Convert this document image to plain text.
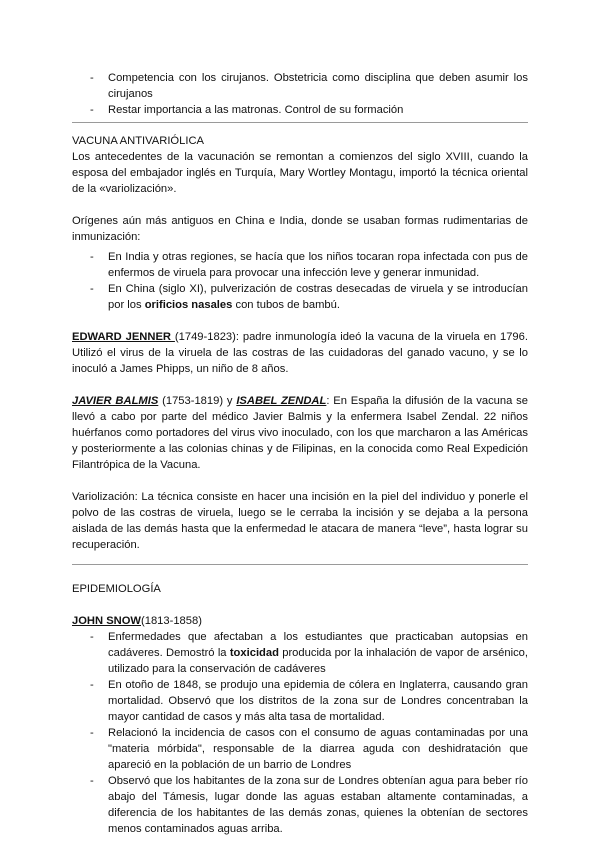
- Competencia con los cirujanos. Obstetricia como disciplina que deben asumir los cirujanos
- Restar importancia a las matronas. Control de su formación

VACUNA ANTIVARIÓLICA

Los antecedentes de la vacunación se remontan a comienzos del siglo XVIII, cuando la esposa del embajador inglés en Turquía, Mary Wortley Montagu, importó la técnica oriental de la «variolización».

Orígenes aún más antiguos en China e India, donde se usaban formas rudimentarias de inmunización:

- En India y otras regiones, se hacía que los niños tocaran ropa infectada con pus de enfermos de viruela para provocar una infección leve y generar inmunidad.
- En China (siglo XI), pulverización de costras desecadas de viruela y se introducían por los orificios nasales con tubos de bambú.

EDWARD JENNER (1749-1823): padre inmunología ideó la vacuna de la viruela en 1796. Utilizó el virus de la viruela de las costras de las cuidadoras del ganado vacuno, y se lo inoculó a James Phipps, un niño de 8 años.

JAVIER BALMIS (1753-1819) y ISABEL ZENDAL: En España la difusión de la vacuna se llevó a cabo por parte del médico Javier Balmis y la enfermera Isabel Zendal. 22 niños huérfanos como portadores del virus vivo inoculado, con los que marcharon a las Américas y posteriormente a las colonias chinas y de Filipinas, en la conocida como Real Expedición Filantrópica de la Vacuna.

Variolización: La técnica consiste en hacer una incisión en la piel del individuo y ponerle el polvo de las costras de viruela, luego se le cerraba la incisión y se dejaba a la persona aislada de las demás hasta que la enfermedad le atacara de manera “leve”, hasta lograr su recuperación.

EPIDEMIOLOGÍA

JOHN SNOW(1813-1858)

- Enfermedades que afectaban a los estudiantes que practicaban autopsias en cadáveres. Demostró la toxicidad producida por la inhalación de vapor de arsénico, utilizado para la conservación de cadáveres
- En otoño de 1848, se produjo una epidemia de cólera en Inglaterra, causando gran mortalidad. Observó que los distritos de la zona sur de Londres concentraban la mayor cantidad de casos y más alta tasa de mortalidad.
- Relacionó la incidencia de casos con el consumo de aguas contaminadas por una "materia mórbida", responsable de la diarrea aguda con deshidratación que apareció en la población de un barrio de Londres
- Observó que los habitantes de la zona sur de Londres obtenían agua para beber río abajo del Támesis, lugar donde las aguas estaban altamente contaminadas, a diferencia de los habitantes de las demás zonas, quienes la obtenían de sectores menos contaminados aguas arriba.
